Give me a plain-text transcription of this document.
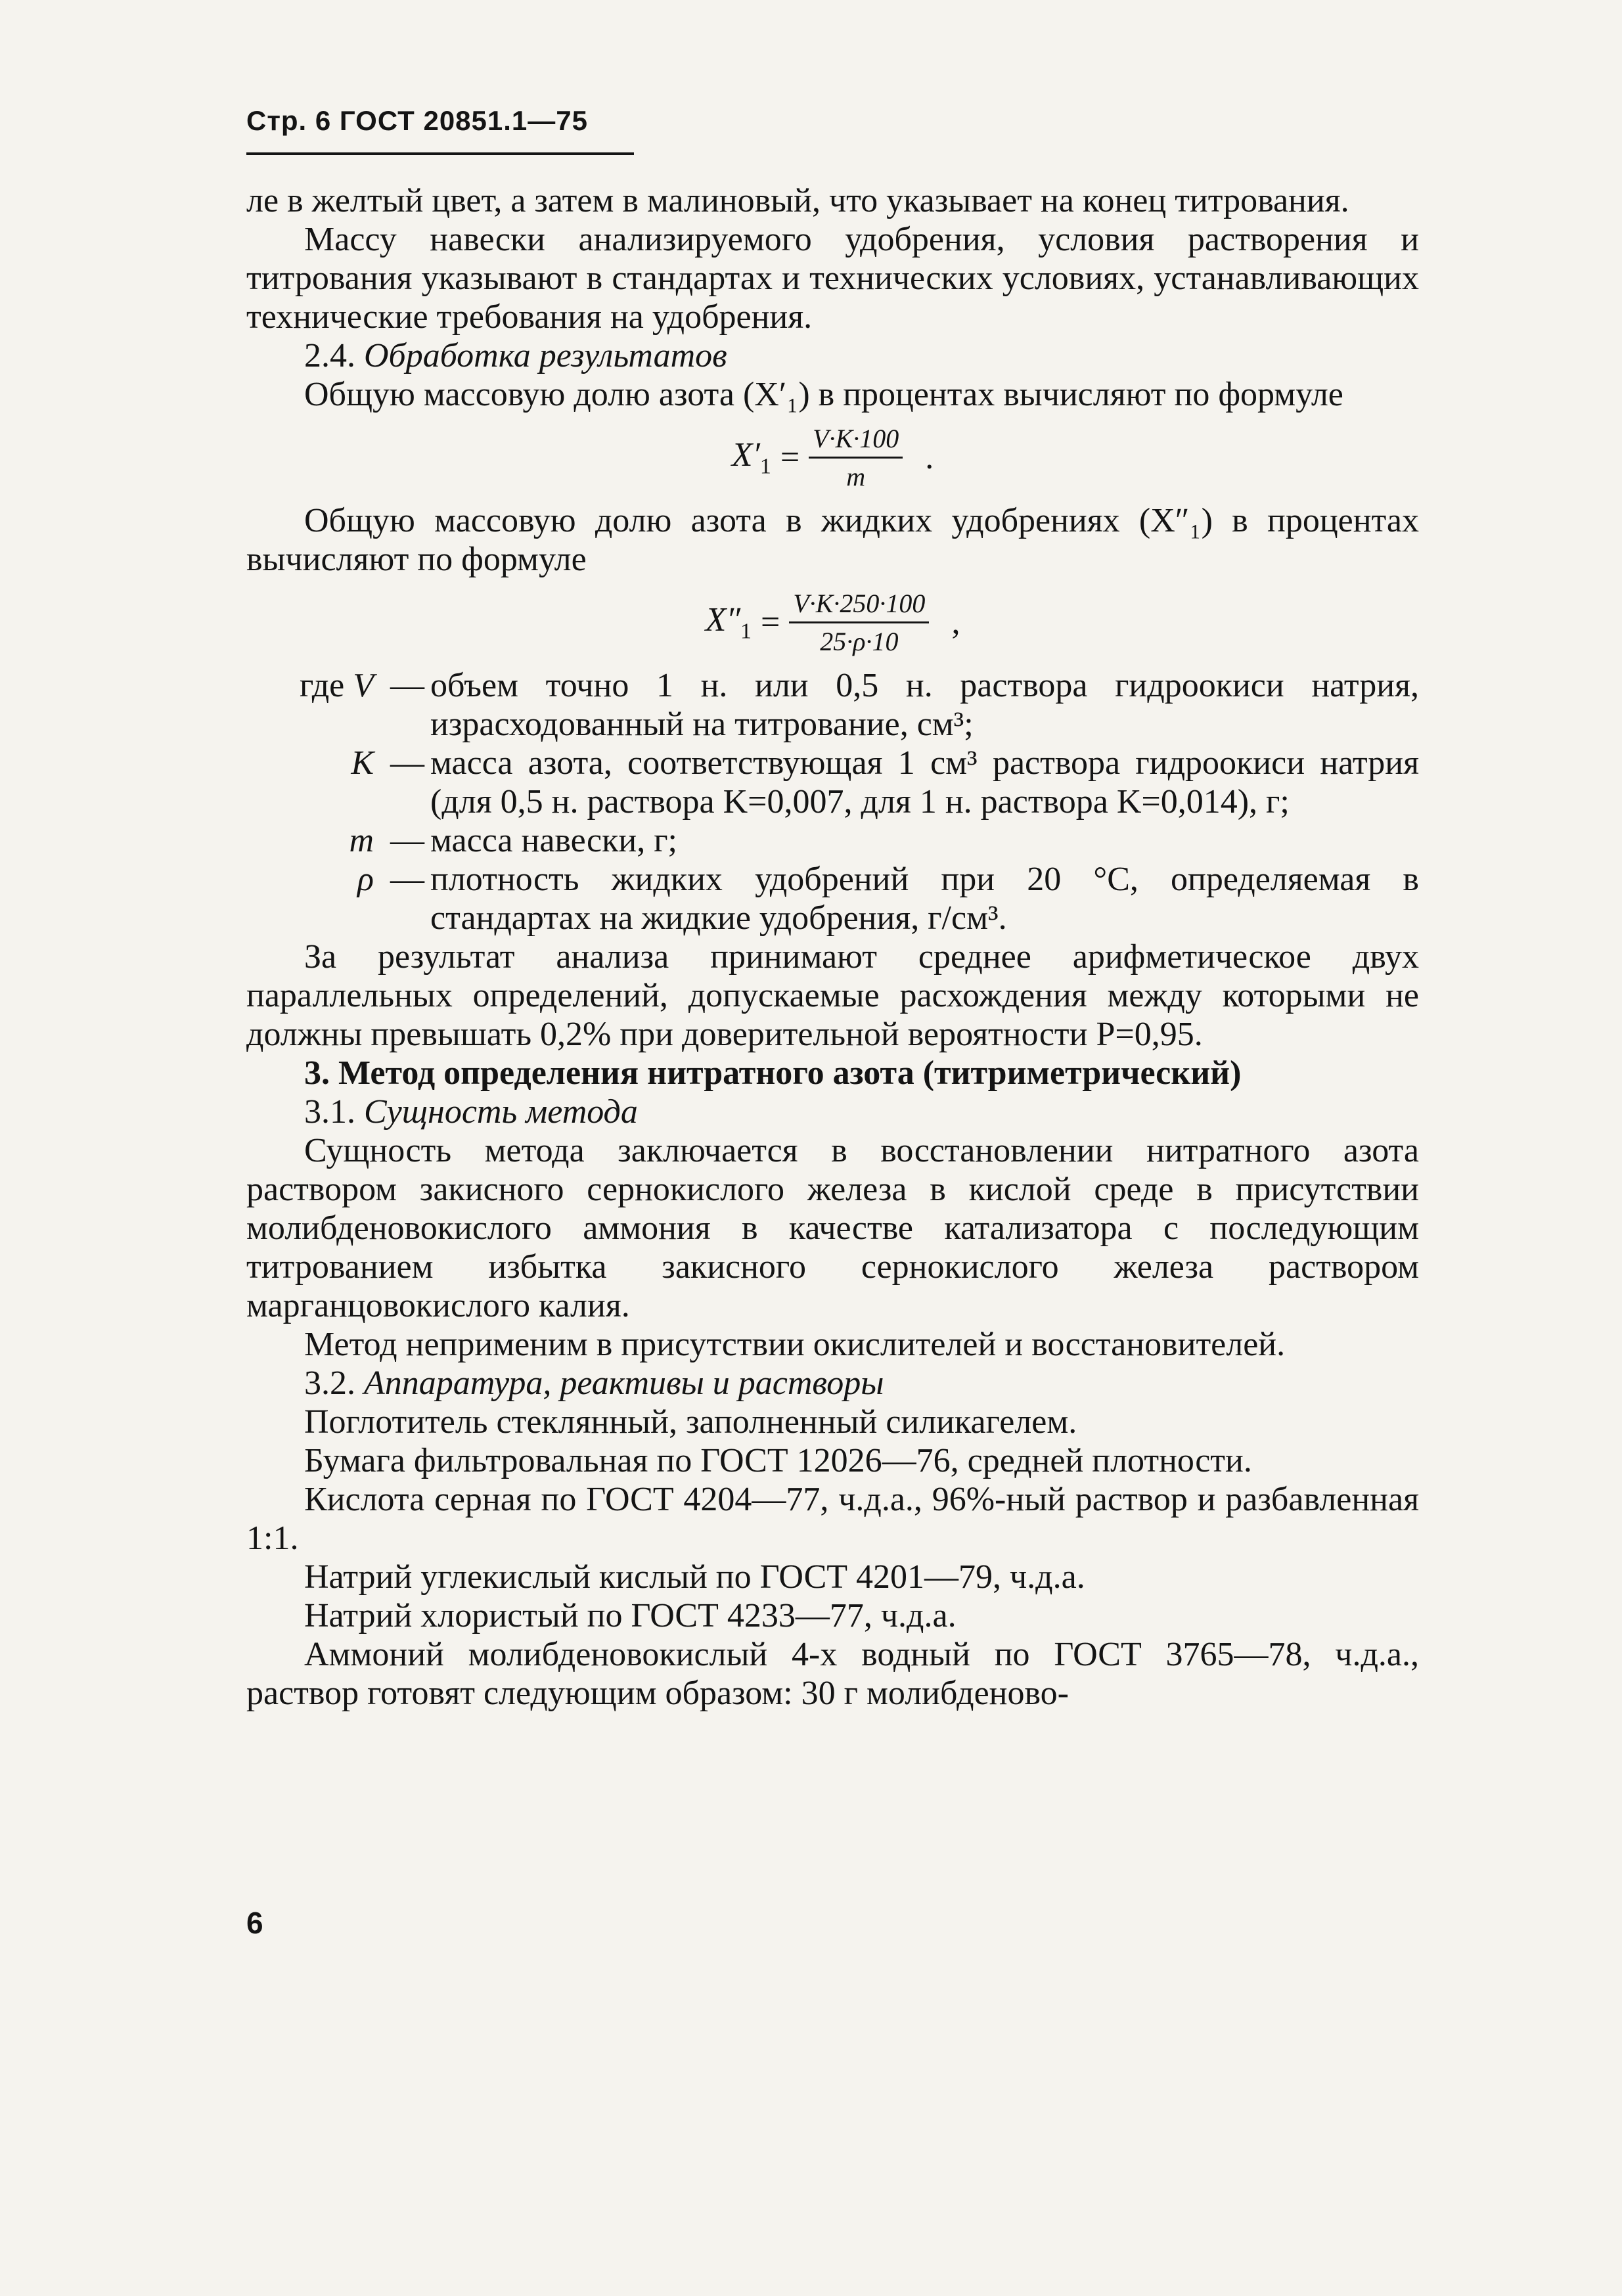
Стр. 6 ГОСТ 20851.1—75

ле в желтый цвет, а затем в малиновый, что указывает на конец титрования.

Массу навески анализируемого удобрения, условия растворения и титрования указывают в стандартах и технических условиях, устанавливающих технические требования на удобрения.

2.4. Обработка результатов

Общую массовую долю азота (X′₁) в процентах вычисляют по формуле

$X'_1 = \frac{V\cdot K\cdot 100}{m}$ .

Общую массовую долю азота в жидких удобрениях (X″₁) в процентах вычисляют по формуле

$X''_1 = \frac{V\cdot K\cdot 250\cdot 100}{25\cdot\rho\cdot 10}$ ,
где V — объем точно 1 н. или 0,5 н. раствора гидроокиси натрия, израсходованный на титрование, см³;
K — масса азота, соответствующая 1 см³ раствора гидроокиси натрия (для 0,5 н. раствора K=0,007, для 1 н. раствора K=0,014), г;
m — масса навески, г;
ρ — плотность жидких удобрений при 20 °C, определяемая в стандартах на жидкие удобрения, г/см³.

За результат анализа принимают среднее арифметическое двух параллельных определений, допускаемые расхождения между которыми не должны превышать 0,2% при доверительной вероятности P=0,95.

3. Метод определения нитратного азота (титриметрический)

3.1. Сущность метода

Сущность метода заключается в восстановлении нитратного азота раствором закисного сернокислого железа в кислой среде в присутствии молибденовокислого аммония в качестве катализатора с последующим титрованием избытка закисного сернокислого железа раствором марганцовокислого калия.

Метод неприменим в присутствии окислителей и восстановителей.

3.2. Аппаратура, реактивы и растворы

Поглотитель стеклянный, заполненный силикагелем.

Бумага фильтровальная по ГОСТ 12026—76, средней плотности.

Кислота серная по ГОСТ 4204—77, ч.д.а., 96%-ный раствор и разбавленная 1:1.

Натрий углекислый кислый по ГОСТ 4201—79, ч.д.а.

Натрий хлористый по ГОСТ 4233—77, ч.д.а.

Аммоний молибденовокислый 4-х водный по ГОСТ 3765—78, ч.д.а., раствор готовят следующим образом: 30 г молибденово-

6
